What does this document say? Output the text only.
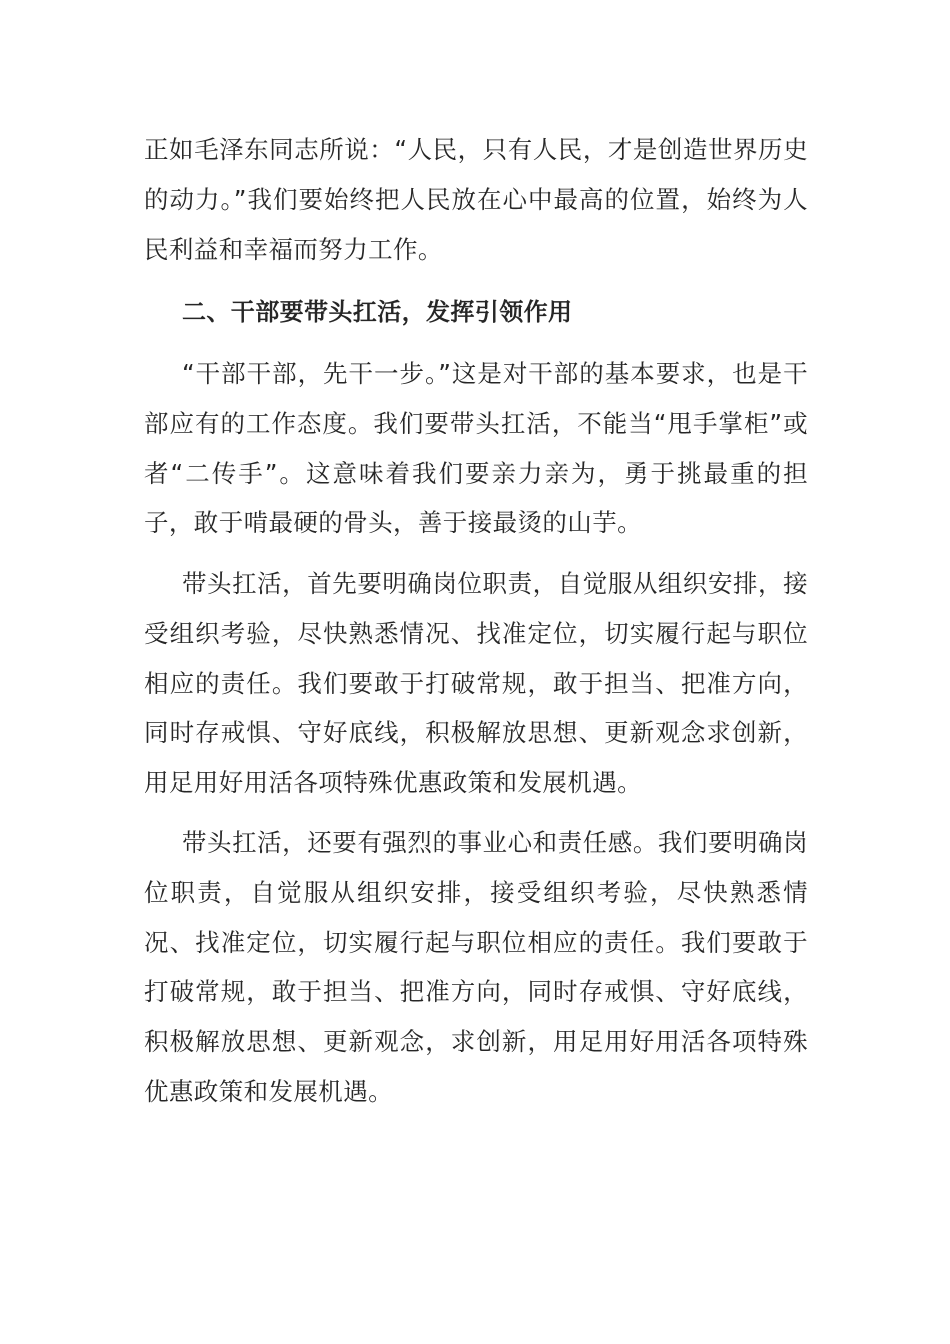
正如毛泽东同志所说：“人民，只有人民，才是创造世界历史的动力。”我们要始终把人民放在心中最高的位置，始终为人民利益和幸福而努力工作。

二、干部要带头扛活，发挥引领作用

“干部干部，先干一步。”这是对干部的基本要求，也是干部应有的工作态度。我们要带头扛活，不能当“甩手掌柜”或者“二传手”。这意味着我们要亲力亲为，勇于挑最重的担子，敢于啃最硬的骨头，善于接最烫的山芋。

带头扛活，首先要明确岗位职责，自觉服从组织安排，接受组织考验，尽快熟悉情况、找准定位，切实履行起与职位相应的责任。我们要敢于打破常规，敢于担当、把准方向，同时存戒惧、守好底线，积极解放思想、更新观念求创新，用足用好用活各项特殊优惠政策和发展机遇。

带头扛活，还要有强烈的事业心和责任感。我们要明确岗位职责，自觉服从组织安排，接受组织考验，尽快熟悉情况、找准定位，切实履行起与职位相应的责任。我们要敢于打破常规，敢于担当、把准方向，同时存戒惧、守好底线，积极解放思想、更新观念，求创新，用足用好用活各项特殊优惠政策和发展机遇。
